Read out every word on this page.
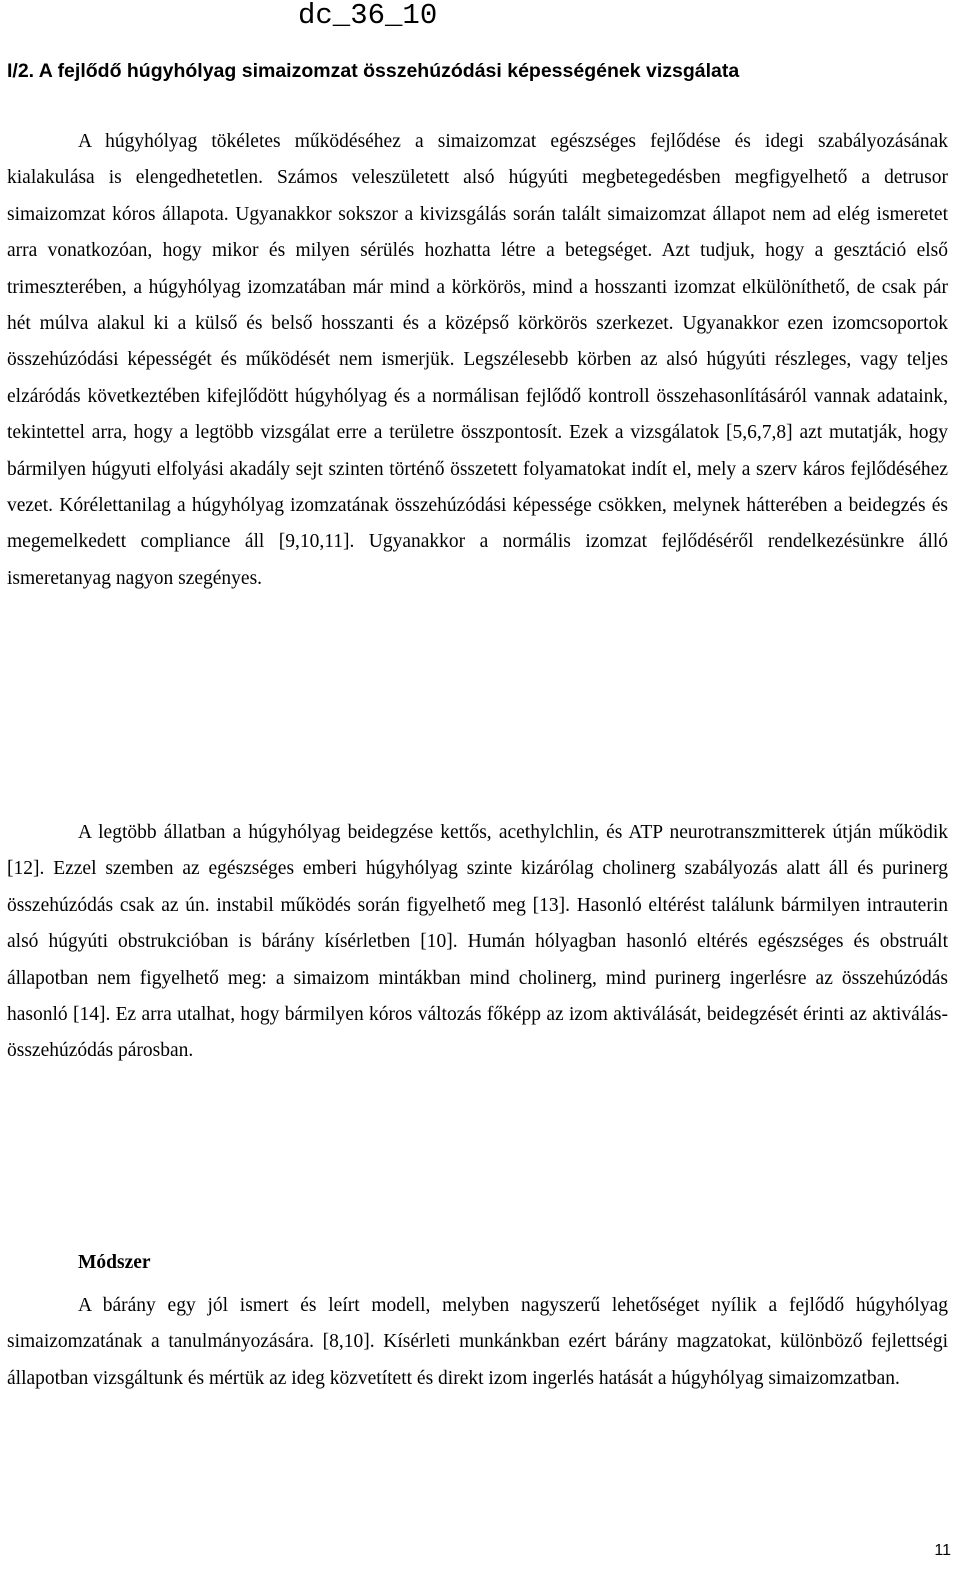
dc_36_10
I/2. A fejlődő húgyhólyag simaizomzat összehúzódási képességének vizsgálata

A húgyhólyag tökéletes működéséhez a simaizomzat egészséges fejlődése és idegi szabályozásának kialakulása is elengedhetetlen. Számos veleszületett alsó húgyúti megbetegedésben megfigyelhető a detrusor simaizomzat kóros állapota. Ugyanakkor sokszor a kivizsgálás során talált simaizomzat állapot nem ad elég ismeretet arra vonatkozóan, hogy mikor és milyen sérülés hozhatta létre a betegséget. Azt tudjuk, hogy a gesztáció első trimeszterében, a húgyhólyag izomzatában már mind a körkörös, mind a hosszanti izomzat elkülöníthető, de csak pár hét múlva alakul ki a külső és belső hosszanti és a középső körkörös szerkezet. Ugyanakkor ezen izomcsoportok összehúzódási képességét és működését nem ismerjük. Legszélesebb körben az alsó húgyúti részleges, vagy teljes elzáródás következtében kifejlődött húgyhólyag és a normálisan fejlődő kontroll összehasonlításáról vannak adataink, tekintettel arra, hogy a legtöbb vizsgálat erre a területre összpontosít. Ezek a vizsgálatok [5,6,7,8] azt mutatják, hogy bármilyen húgyuti elfolyási akadály sejt szinten történő összetett folyamatokat indít el, mely a szerv káros fejlődéséhez vezet. Kórélettanilag a húgyhólyag izomzatának összehúzódási képessége csökken, melynek hátterében a beidegzés és megemelkedett compliance áll [9,10,11]. Ugyanakkor a normális izomzat fejlődéséről rendelkezésünkre álló ismeretanyag nagyon szegényes.

A legtöbb állatban a húgyhólyag beidegzése kettős, acethylchlin, és ATP neurotranszmitterek útján működik [12]. Ezzel szemben az egészséges emberi húgyhólyag szinte kizárólag cholinerg szabályozás alatt áll és purinerg összehúzódás csak az ún. instabil működés során figyelhető meg [13]. Hasonló eltérést találunk bármilyen intrauterin alsó húgyúti obstrukcióban is bárány kísérletben [10]. Humán hólyagban hasonló eltérés egészséges és obstruált állapotban nem figyelhető meg: a simaizom mintákban mind cholinerg, mind purinerg ingerlésre az összehúzódás hasonló [14]. Ez arra utalhat, hogy bármilyen kóros változás főképp az izom aktiválását, beidegzését érinti az aktiválás-összehúzódás párosban.

Módszer

A bárány egy jól ismert és leírt modell, melyben nagyszerű lehetőséget nyílik a fejlődő húgyhólyag simaizomzatának a tanulmányozására. [8,10]. Kísérleti munkánkban ezért bárány magzatokat, különböző fejlettségi állapotban vizsgáltunk és mértük az ideg közvetített és direkt izom ingerlés hatását a húgyhólyag simaizomzatban.

11
